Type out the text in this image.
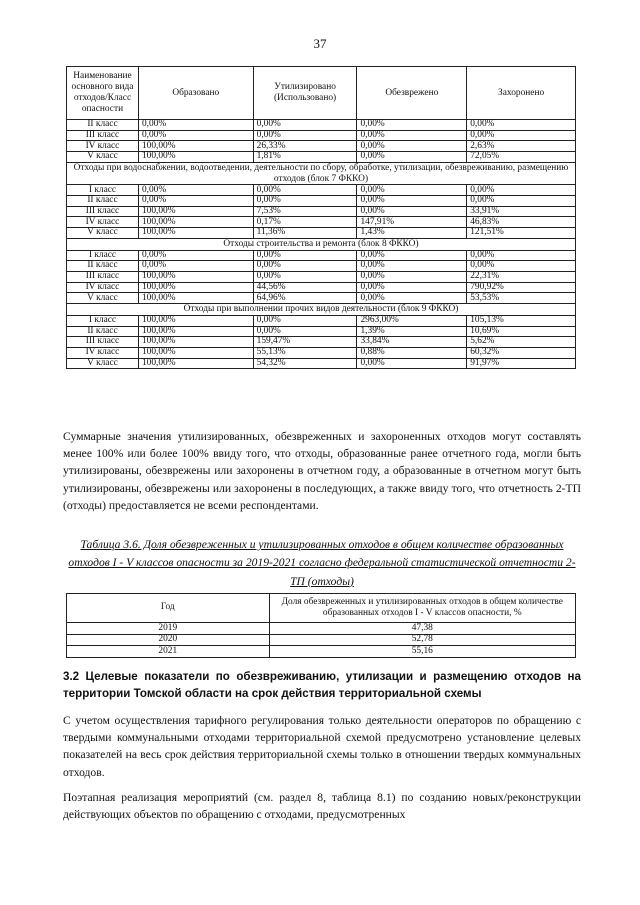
37
Наименование основного вида отходов/Класс опасности	Образовано	Утилизировано (Использовано)	Обезврежено	Захоронено
II класс	0,00%	0,00%	0,00%	0,00%
III класс	0,00%	0,00%	0,00%	0,00%
IV класс	100,00%	26,33%	0,00%	2,63%
V класс	100,00%	1,81%	0,00%	72,05%
Отходы при водоснабжении, водоотведении, деятельности по сбору, обработке, утилизации, обезвреживанию, размещению отходов (блок 7 ФККО)				
I класс	0,00%	0,00%	0,00%	0,00%
II класс	0,00%	0,00%	0,00%	0,00%
III класс	100,00%	7,53%	0,00%	33,91%
IV класс	100,00%	0,17%	147,91%	46,83%
V класс	100,00%	11,36%	1,43%	121,51%
Отходы строительства и ремонта (блок 8 ФККО)				
I класс	0,00%	0,00%	0,00%	0,00%
II класс	0,00%	0,00%	0,00%	0,00%
III класс	100,00%	0,00%	0,00%	22,31%
IV класс	100,00%	44,56%	0,00%	790,92%
V класс	100,00%	64,96%	0,00%	53,53%
Отходы при выполнении прочих видов деятельности (блок 9 ФККО)				
I класс	100,00%	0,00%	2963,00%	105,13%
II класс	100,00%	0,00%	1,39%	10,69%
III класс	100,00%	159,47%	33,84%	5,62%
IV класс	100,00%	55,13%	0,88%	60,32%
V класс	100,00%	54,32%	0,00%	91,97%

Суммарные значения утилизированных, обезвреженных и захороненных отходов могут составлять менее 100% или более 100% ввиду того, что отходы, образованные ранее отчетного года, могли быть утилизированы, обезврежены или захоронены в отчетном году, а образованные в отчетном могут быть утилизированы, обезврежены или захоронены в последующих, а также ввиду того, что отчетность 2-ТП (отходы) предоставляется не всеми респондентами.

Таблица 3.6. Доля обезвреженных и утилизированных отходов в общем количестве образованных отходов I - V классов опасности за 2019-2021 согласно федеральной статистической отчетности 2-ТП (отходы)
Год	Доля обезвреженных и утилизированных отходов в общем количестве образованных отходов I - V классов опасности, %
2019	47,38
2020	52,78
2021	55,16
3.2 Целевые показатели по обезвреживанию, утилизации и размещению отходов на территории Томской области на срок действия территориальной схемы

С учетом осуществления тарифного регулирования только деятельности операторов по обращению с твердыми коммунальными отходами территориальной схемой предусмотрено установление целевых показателей на весь срок действия территориальной схемы только в отношении твердых коммунальных отходов.

Поэтапная реализация мероприятий (см. раздел 8, таблица 8.1) по созданию новых/реконструкции действующих объектов по обращению с отходами, предусмотренных
